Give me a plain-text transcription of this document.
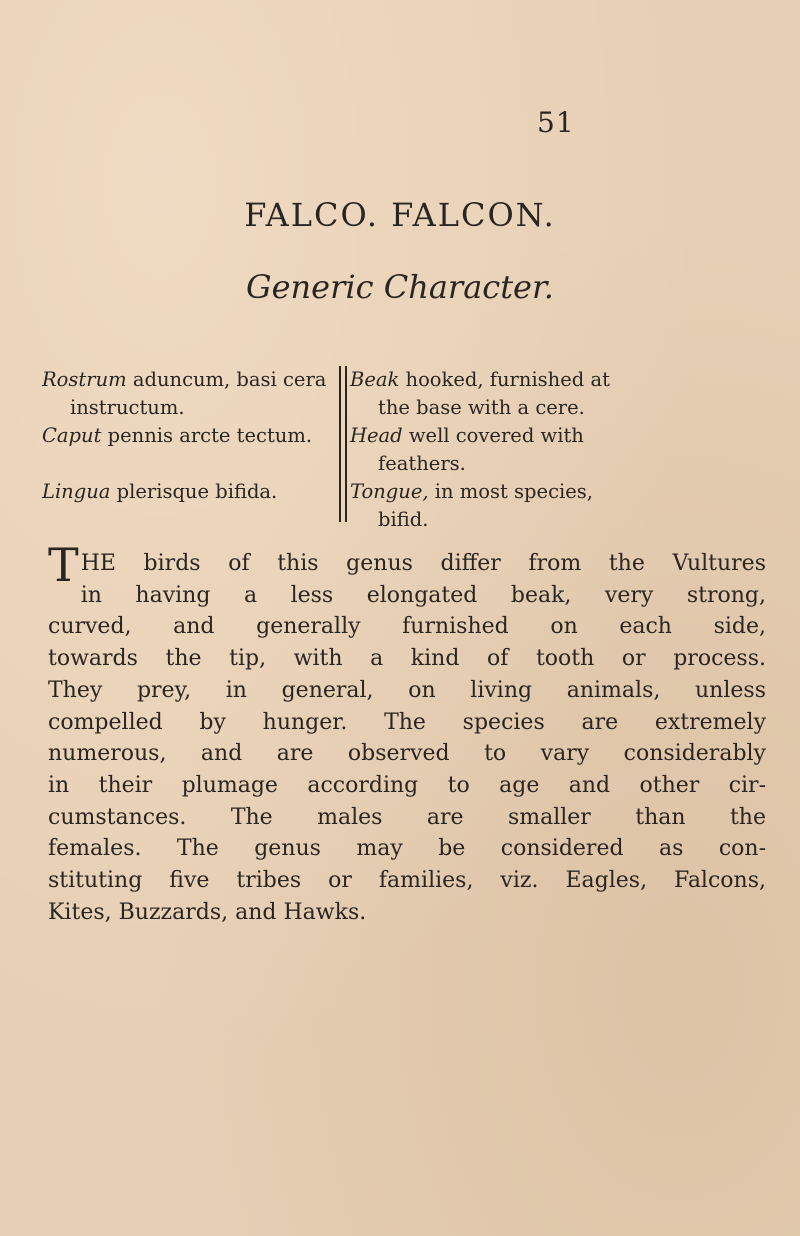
51
FALCO. FALCON.
Generic Character.
Rostrum aduncum, basi cera
instructum.
Caput pennis arcte tectum.
Lingua plerisque bifida.
Beak hooked, furnished at
the base with a cere.
Head well covered with
feathers.
Tongue, in most species,
bifid.
THE birds of this genus differ from the Vultures
in having a less elongated beak, very strong,
curved, and generally furnished on each side,
towards the tip, with a kind of tooth or process.
They prey, in general, on living animals, unless
compelled by hunger. The species are extremely
numerous, and are observed to vary considerably
in their plumage according to age and other cir-
cumstances. The males are smaller than the
females. The genus may be considered as con-
stituting five tribes or families, viz. Eagles, Falcons,
Kites, Buzzards, and Hawks.
